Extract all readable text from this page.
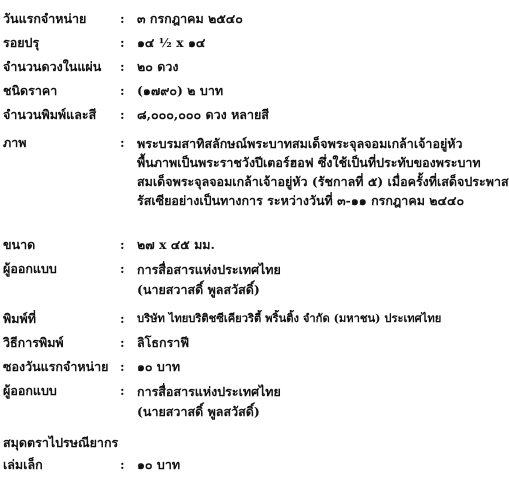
วันแรกจำหน่าย	: ๓ กรกฎาคม ๒๕๔๐
รอยปรุ	: ๑๔ ½ x ๑๔
จำนวนดวงในแผ่น : ๒๐ ดวง
ชนิดราคา	: (๑๗๙๐) ๒ บาท
จำนวนพิมพ์และสี : ๘,๐๐๐,๐๐๐ ดวง หลายสี
ภาพ	: พระบรมสาทิสลักษณ์พระบาทสมเด็จพระจุลจอมเกล้าเจ้าอยู่หัว
พื้นภาพเป็นพระราชวังปีเตอร์ฮอฟ ซึ่งใช้เป็นที่ประทับของพระบาท
สมเด็จพระจุลจอมเกล้าเจ้าอยู่หัว (รัชกาลที่ ๕) เมื่อครั้งที่เสด็จประพาส
รัสเซียอย่างเป็นทางการ ระหว่างวันที่ ๓-๑๑ กรกฎาคม ๒๔๔๐
ขนาด	: ๒๗ x ๔๕ มม.
ผู้ออกแบบ	: การสื่อสารแห่งประเทศไทย
(นายสวาสดิ์ พูลสวัสดิ์)
พิมพ์ที่	: บริษัท ไทยบริติชซีเคียวริตี้ พริ้นติ้ง จำกัด (มหาชน) ประเทศไทย
วิธีการพิมพ์	: ลิโธกราฟี
ซองวันแรกจำหน่าย : ๑๐ บาท
ผู้ออกแบบ	: การสื่อสารแห่งประเทศไทย
(นายสวาสดิ์ พูลสวัสดิ์)
สมุดตราไปรษณียากร
เล่มเล็ก	: ๑๐ บาท
